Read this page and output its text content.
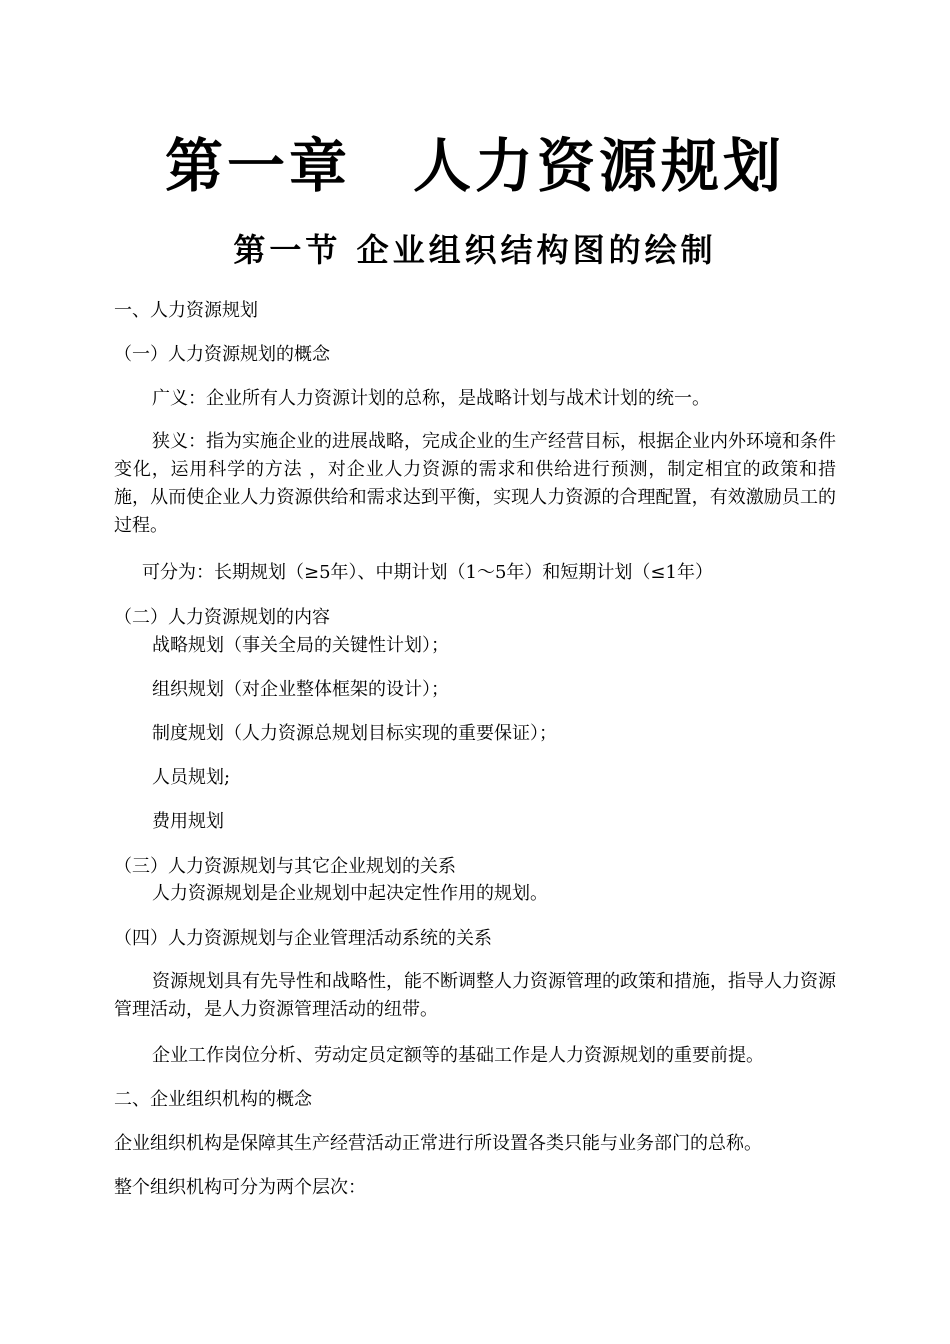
第一章　人力资源规划
第一节 企业组织结构图的绘制
一、人力资源规划
（一）人力资源规划的概念
广义：企业所有人力资源计划的总称，是战略计划与战术计划的统一。
狭义：指为实施企业的进展战略，完成企业的生产经营目标，根据企业内外环境和条件变化，运用科学的方法 ，对企业人力资源的需求和供给进行预测，制定相宜的政策和措施，从而使企业人力资源供给和需求达到平衡，实现人力资源的合理配置，有效激励员工的过程。
可分为：长期规划（≥5年）、中期计划（1～5年）和短期计划（≤1年）
（二）人力资源规划的内容
战略规划（事关全局的关键性计划）；
组织规划（对企业整体框架的设计）；
制度规划（人力资源总规划目标实现的重要保证）；
人员规划;
费用规划
（三）人力资源规划与其它企业规划的关系
人力资源规划是企业规划中起决定性作用的规划。
（四）人力资源规划与企业管理活动系统的关系
资源规划具有先导性和战略性，能不断调整人力资源管理的政策和措施，指导人力资源管理活动，是人力资源管理活动的纽带。
企业工作岗位分析、劳动定员定额等的基础工作是人力资源规划的重要前提。
二、企业组织机构的概念
企业组织机构是保障其生产经营活动正常进行所设置各类只能与业务部门的总称。
整个组织机构可分为两个层次：
